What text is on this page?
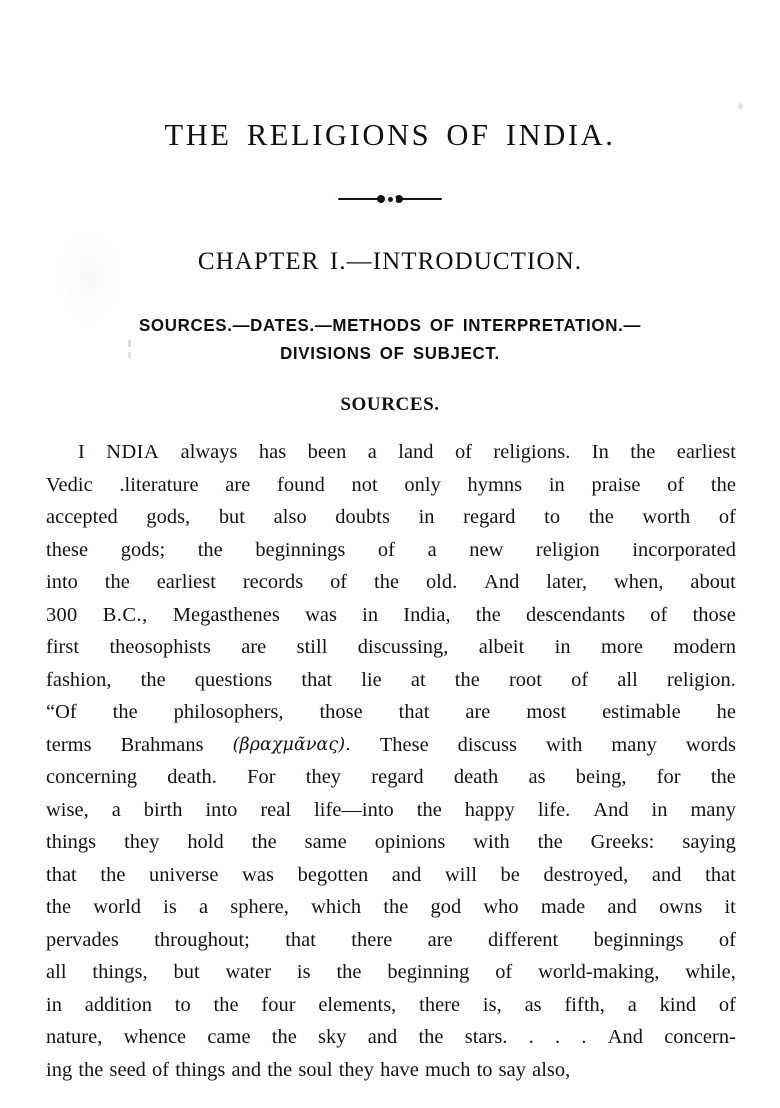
THE RELIGIONS OF INDIA.
CHAPTER I.—INTRODUCTION.
SOURCES.—DATES.—METHODS OF INTERPRETATION.—
DIVISIONS OF SUBJECT.
SOURCES.
I NDIA always has been a land of religions. In the earliest
Vedic .literature are found not only hymns in praise of the
accepted gods, but also doubts in regard to the worth of
these gods; the beginnings of a new religion incorporated
into the earliest records of the old. And later, when, about
300 B.C., Megasthenes was in India, the descendants of those
first theosophists are still discussing, albeit in more modern
fashion, the questions that lie at the root of all religion.
“Of the philosophers, those that are most estimable he
terms Brahmans (βραχμᾶνας). These discuss with many words
concerning death. For they regard death as being, for the
wise, a birth into real life—into the happy life. And in many
things they hold the same opinions with the Greeks: saying
that the universe was begotten and will be destroyed, and that
the world is a sphere, which the god who made and owns it
pervades throughout; that there are different beginnings of
all things, but water is the beginning of world-making, while,
in addition to the four elements, there is, as fifth, a kind of
nature, whence came the sky and the stars. . . . And concern-
ing the seed of things and the soul they have much to say also,
